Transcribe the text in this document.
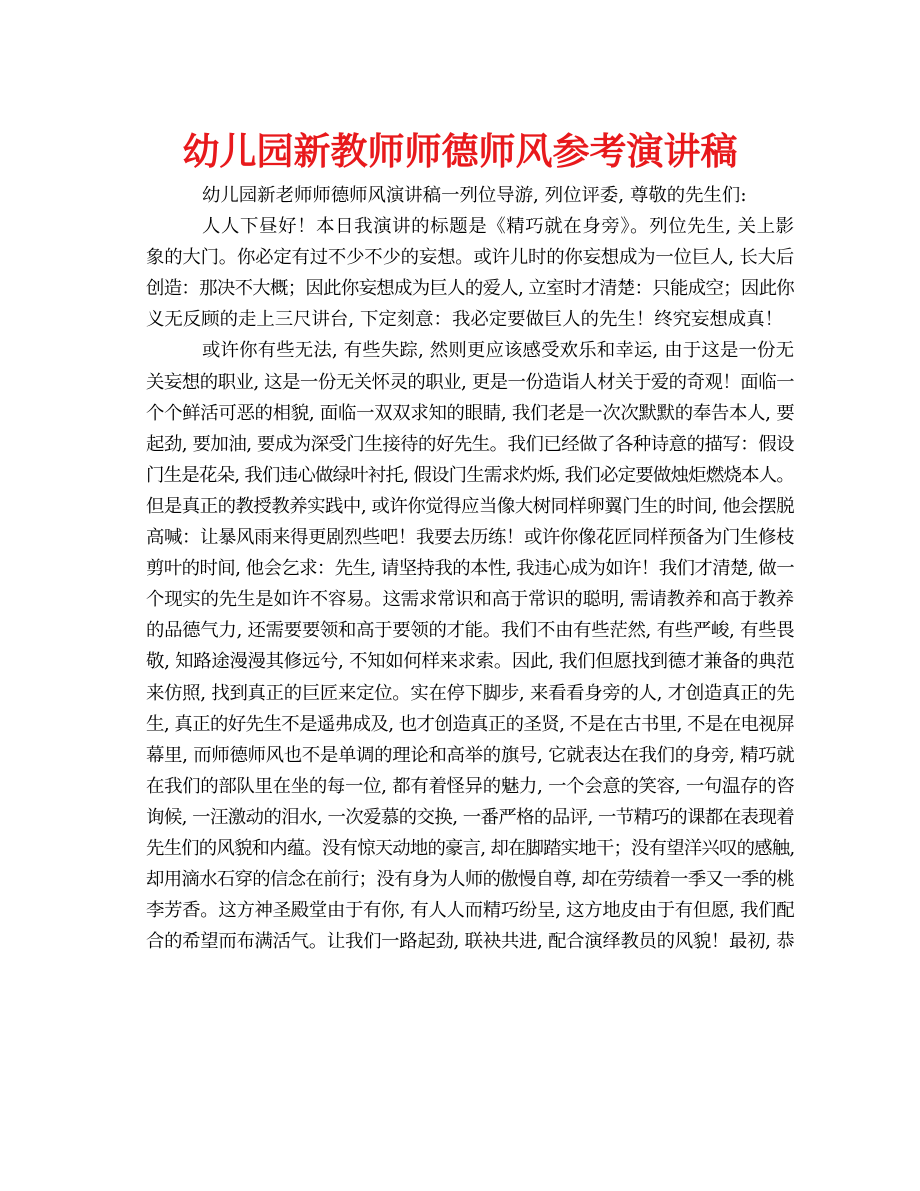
幼儿园新教师师德师风参考演讲稿
幼儿园新老师师德师风演讲稿一列位导游, 列位评委, 尊敬的先生们:
人人下昼好！本日我演讲的标题是《精巧就在身旁》。列位先生, 关上影
象的大门。你必定有过不少不少的妄想。或许儿时的你妄想成为一位巨人, 长大后
创造：那决不大概；因此你妄想成为巨人的爱人, 立室时才清楚：只能成空；因此你
义无反顾的走上三尺讲台, 下定刻意：我必定要做巨人的先生！终究妄想成真！
或许你有些无法, 有些失踪, 然则更应该感受欢乐和幸运, 由于这是一份无
关妄想的职业, 这是一份无关怀灵的职业, 更是一份造诣人材关于爱的奇观！面临一
个个鲜活可恶的相貌, 面临一双双求知的眼睛, 我们老是一次次默默的奉告本人, 要
起劲, 要加油, 要成为深受门生接待的好先生。我们已经做了各种诗意的描写：假设
门生是花朵, 我们违心做绿叶衬托, 假设门生需求灼烁, 我们必定要做烛炬燃烧本人。
但是真正的教授教养实践中, 或许你觉得应当像大树同样卵翼门生的时间, 他会摆脱
高喊：让暴风雨来得更剧烈些吧！我要去历练！或许你像花匠同样预备为门生修枝
剪叶的时间, 他会乞求：先生, 请坚持我的本性, 我违心成为如许！我们才清楚, 做一
个现实的先生是如许不容易。这需求常识和高于常识的聪明, 需请教养和高于教养
的品德气力, 还需要要领和高于要领的才能。我们不由有些茫然, 有些严峻, 有些畏
敬, 知路途漫漫其修远兮, 不知如何样来求索。因此, 我们但愿找到德才兼备的典范
来仿照, 找到真正的巨匠来定位。实在停下脚步, 来看看身旁的人, 才创造真正的先
生, 真正的好先生不是遥弗成及, 也才创造真正的圣贤, 不是在古书里, 不是在电视屏
幕里, 而师德师风也不是单调的理论和高举的旗号, 它就表达在我们的身旁, 精巧就
在我们的部队里在坐的每一位, 都有着怪异的魅力, 一个会意的笑容, 一句温存的咨
询候, 一汪激动的泪水, 一次爱慕的交换, 一番严格的品评, 一节精巧的课都在表现着
先生们的风貌和内蕴。没有惊天动地的豪言, 却在脚踏实地干；没有望洋兴叹的感触,
却用滴水石穿的信念在前行；没有身为人师的傲慢自尊, 却在劳绩着一季又一季的桃
李芳香。这方神圣殿堂由于有你, 有人人而精巧纷呈, 这方地皮由于有但愿, 我们配
合的希望而布满活气。让我们一路起劲, 联袂共进, 配合演绎教员的风貌！最初, 恭
